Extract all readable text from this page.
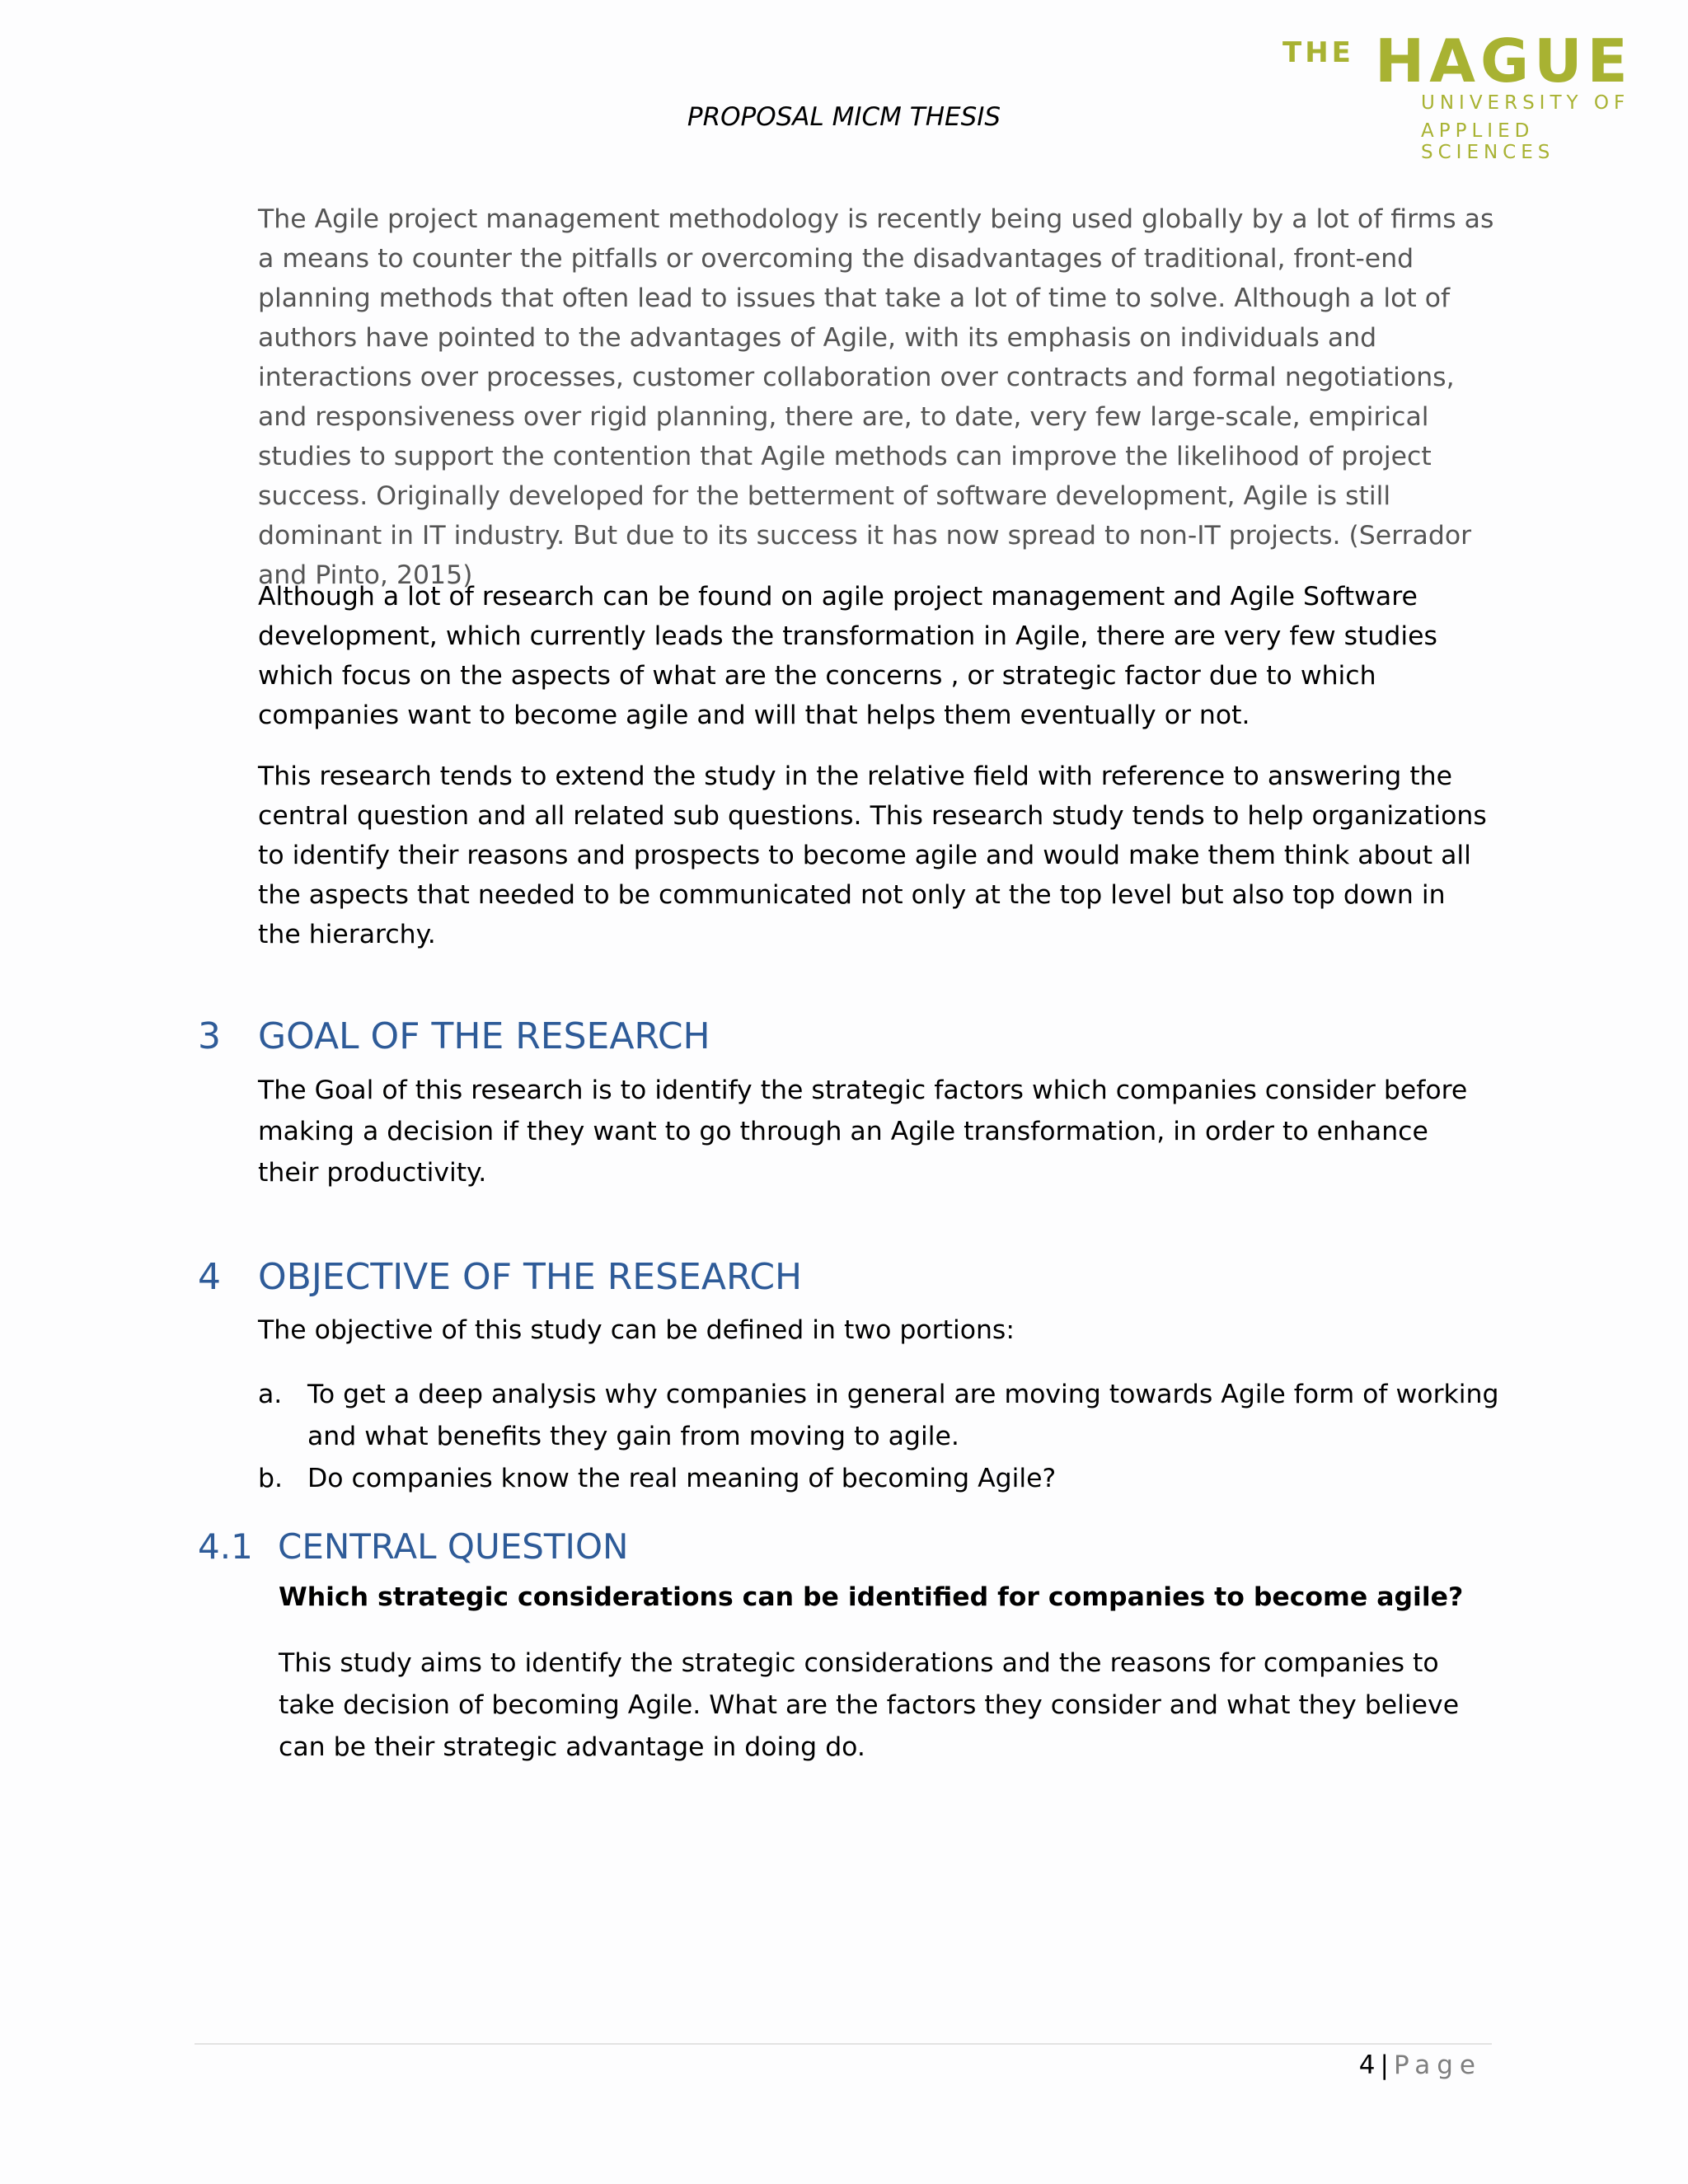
THE HAGUE
UNIVERSITY OF
APPLIED SCIENCES
PROPOSAL MICM THESIS

The Agile project management methodology is recently being used globally by a lot of firms as a means to counter the pitfalls or overcoming the disadvantages of traditional, front-end planning methods that often lead to issues that take a lot of time to solve. Although a lot of authors have pointed to the advantages of Agile, with its emphasis on individuals and interactions over processes, customer collaboration over contracts and formal negotiations, and responsiveness over rigid planning, there are, to date, very few large-scale, empirical studies to support the contention that Agile methods can improve the likelihood of project success. Originally developed for the betterment of software development, Agile is still dominant in IT industry. But due to its success it has now spread to non-IT projects. (Serrador and Pinto, 2015)

Although a lot of research can be found on agile project management and Agile Software development, which currently leads the transformation in Agile, there are very few studies which focus on the aspects of what are the concerns , or strategic factor due to which companies want to become agile and will that helps them eventually or not.

This research tends to extend the study in the relative field with reference to answering the central question and all related sub questions. This research study tends to help organizations to identify their reasons and prospects to become agile and would make them think about all the aspects that needed to be communicated not only at the top level but also top down in the hierarchy.

3 GOAL OF THE RESEARCH

The Goal of this research is to identify the strategic factors which companies consider before making a decision if they want to go through an Agile transformation, in order to enhance their productivity.

4 OBJECTIVE OF THE RESEARCH

The objective of this study can be defined in two portions:

a. To get a deep analysis why companies in general are moving towards Agile form of working and what benefits they gain from moving to agile.
b. Do companies know the real meaning of becoming Agile?
4.1 CENTRAL QUESTION

Which strategic considerations can be identified for companies to become agile?

This study aims to identify the strategic considerations and the reasons for companies to take decision of becoming Agile. What are the factors they consider and what they believe can be their strategic advantage in doing do.

4 | Page
